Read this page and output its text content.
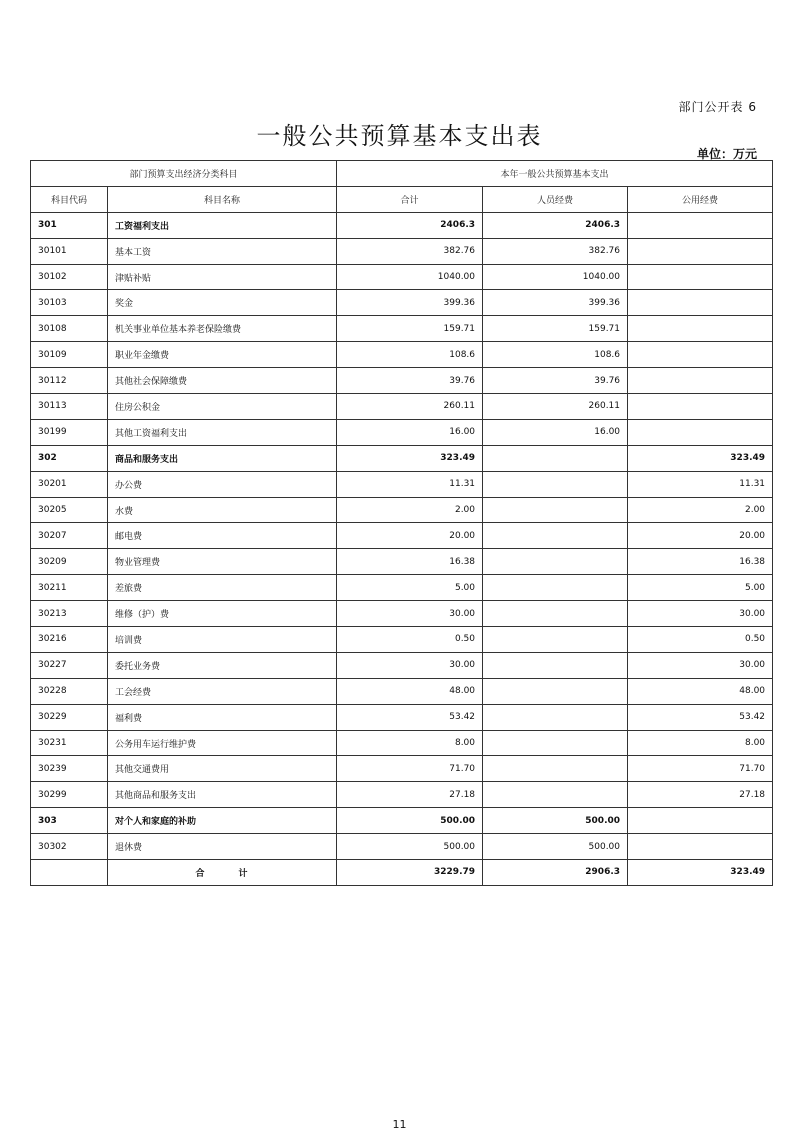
部门公开表 6
一般公共预算基本支出表
单位：万元
部门预算支出经济分类科目		本年一般公共预算基本支出		
科目代码	科目名称	合计	人员经费	公用经费
301	工资福利支出	2406.3	2406.3	
30101	基本工资	382.76	382.76	
30102	津贴补贴	1040.00	1040.00	
30103	奖金	399.36	399.36	
30108	机关事业单位基本养老保险缴费	159.71	159.71	
30109	职业年金缴费	108.6	108.6	
30112	其他社会保障缴费	39.76	39.76	
30113	住房公积金	260.11	260.11	
30199	其他工资福利支出	16.00	16.00	
302	商品和服务支出	323.49		323.49
30201	办公费	11.31		11.31
30205	水费	2.00		2.00
30207	邮电费	20.00		20.00
30209	物业管理费	16.38		16.38
30211	差旅费	5.00		5.00
30213	维修（护）费	30.00		30.00
30216	培训费	0.50		0.50
30227	委托业务费	30.00		30.00
30228	工会经费	48.00		48.00
30229	福利费	53.42		53.42
30231	公务用车运行维护费	8.00		8.00
30239	其他交通费用	71.70		71.70
30299	其他商品和服务支出	27.18		27.18
303	对个人和家庭的补助	500.00	500.00	
30302	退休费	500.00	500.00	
	合计	3229.79	2906.3	323.49
11
